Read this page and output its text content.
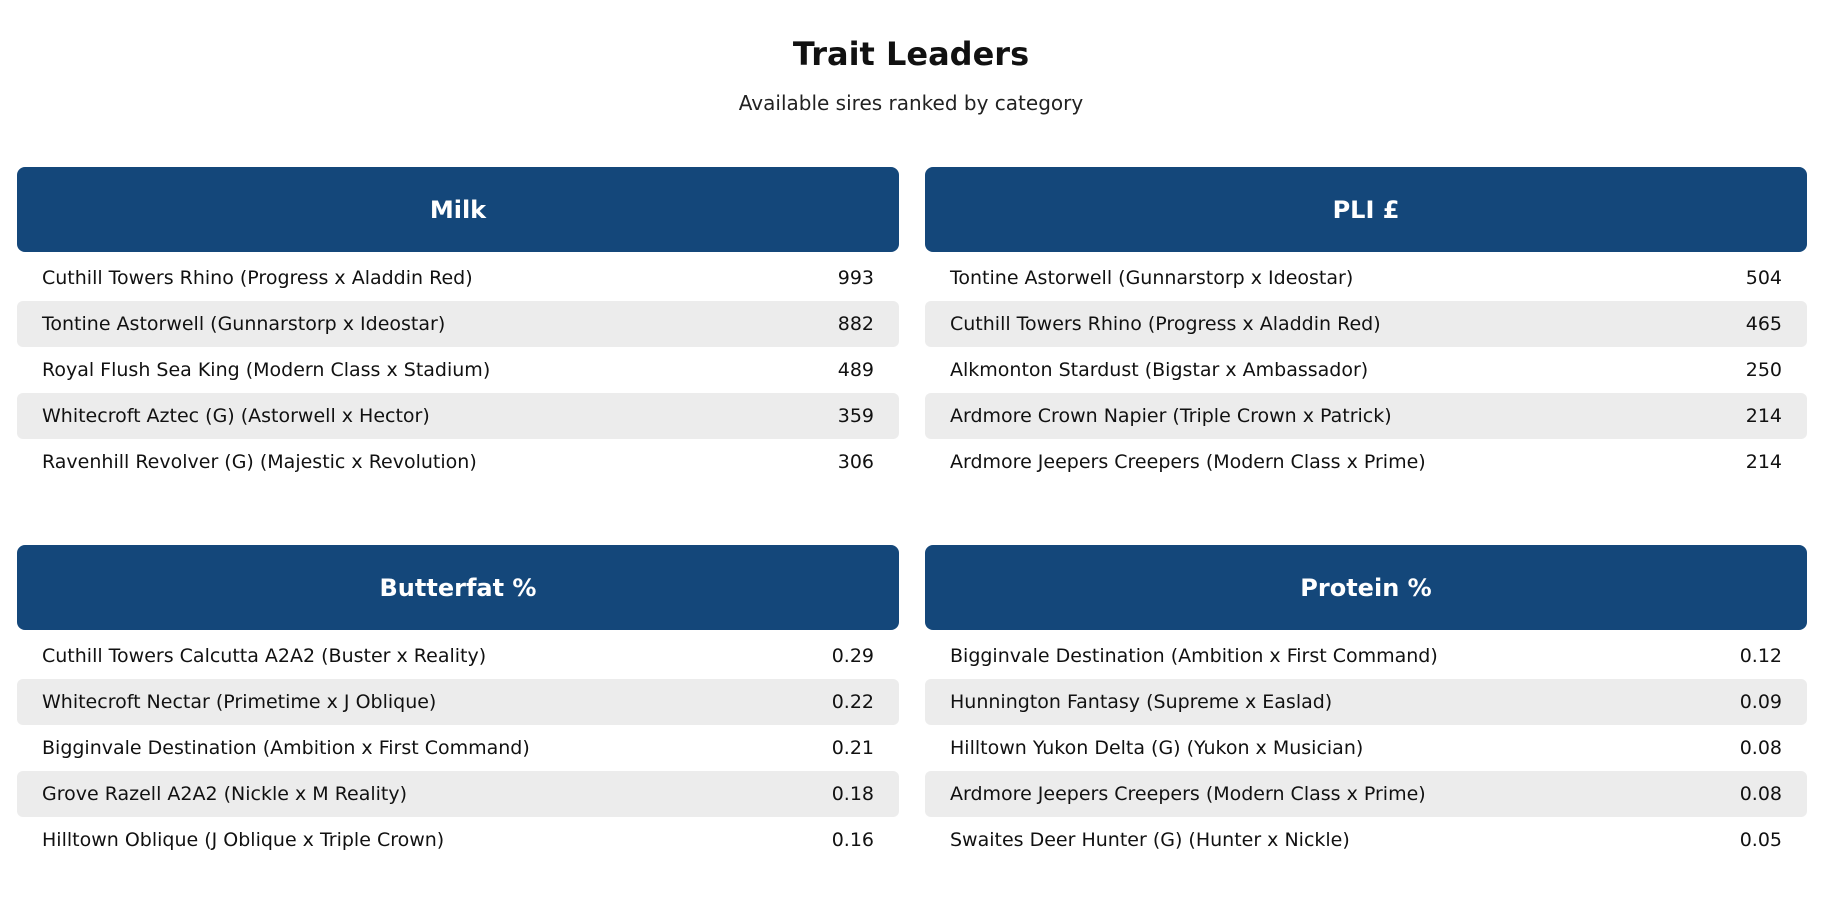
Trait Leaders

Available sires ranked by category

Milk
Cuthill Towers Rhino (Progress x Aladdin Red)	993
Tontine Astorwell (Gunnarstorp x Ideostar)	882
Royal Flush Sea King (Modern Class x Stadium)	489
Whitecroft Aztec (G) (Astorwell x Hector)	359
Ravenhill Revolver (G) (Majestic x Revolution)	306
PLI £
Tontine Astorwell (Gunnarstorp x Ideostar)	504
Cuthill Towers Rhino (Progress x Aladdin Red)	465
Alkmonton Stardust (Bigstar x Ambassador)	250
Ardmore Crown Napier (Triple Crown x Patrick)	214
Ardmore Jeepers Creepers (Modern Class x Prime)	214
Butterfat %
Cuthill Towers Calcutta A2A2 (Buster x Reality)	0.29
Whitecroft Nectar (Primetime x J Oblique)	0.22
Bigginvale Destination (Ambition x First Command)	0.21
Grove Razell A2A2 (Nickle x M Reality)	0.18
Hilltown Oblique (J Oblique x Triple Crown)	0.16
Protein %
Bigginvale Destination (Ambition x First Command)	0.12
Hunnington Fantasy (Supreme x Easlad)	0.09
Hilltown Yukon Delta (G) (Yukon x Musician)	0.08
Ardmore Jeepers Creepers (Modern Class x Prime)	0.08
Swaites Deer Hunter (G) (Hunter x Nickle)	0.05
